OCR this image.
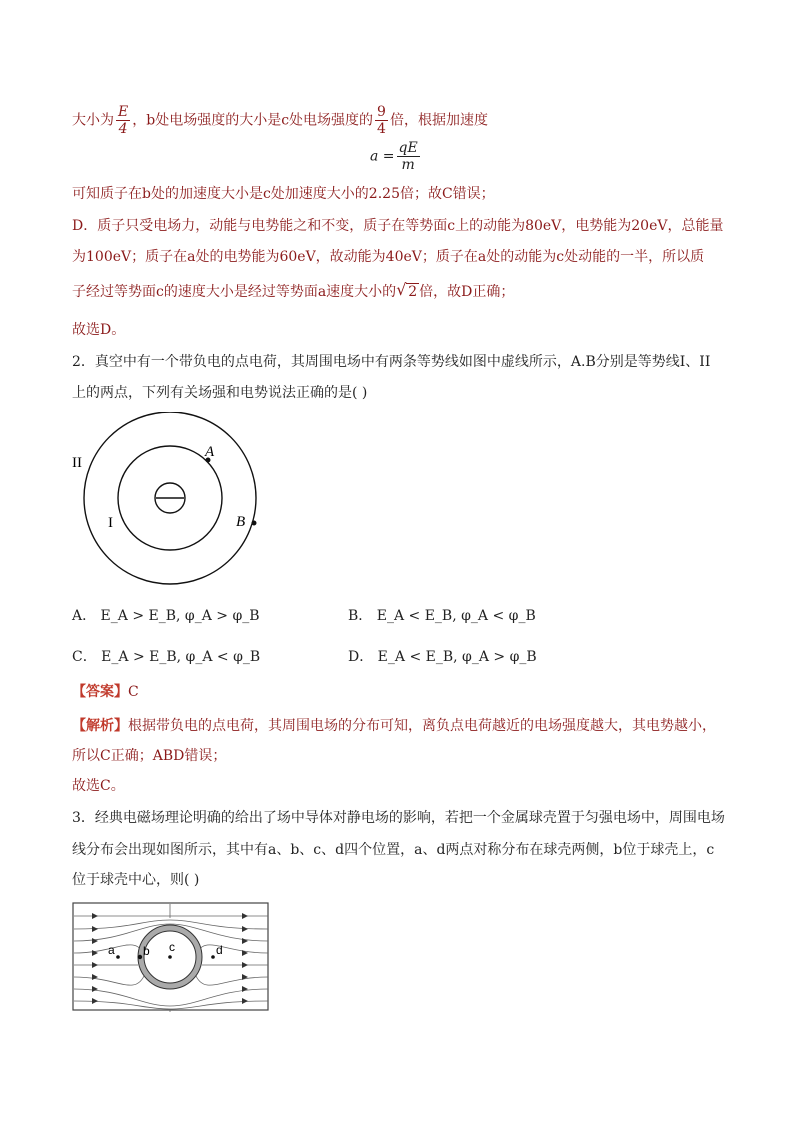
大小为 $\frac{E}{4}$ ，b处电场强度的大小是c处电场强度的 $\frac{9}{4}$ 倍，根据加速度
$a = \frac{qE}{m}$
可知质子在b处的加速度大小是c处加速度大小的2.25倍；故C错误；
D．质子只受电场力，动能与电势能之和不变，质子在等势面c上的动能为80eV，电势能为20eV，总能量
为100eV；质子在a处的电势能为60eV，故动能为40eV；质子在a处的动能为c处动能的一半，所以质
子经过等势面c的速度大小是经过等势面a速度大小的 √ 2 倍，故D正确；
故选D。
2．真空中有一个带负电的点电荷，其周围电场中有两条等势线如图中虚线所示，A.B分别是等势线I、II
上的两点，下列有关场强和电势说法正确的是( )
II
I
A
B
A． E_A > E_B, φ_A > φ_B	B． E_A < E_B, φ_A < φ_B
C． E_A > E_B, φ_A < φ_B	D． E_A < E_B, φ_A > φ_B
【答案】C
【解析】根据带负电的点电荷，其周围电场的分布可知，离负点电荷越近的电场强度越大，其电势越小，
所以C正确；ABD错误；
故选C。
3．经典电磁场理论明确的给出了场中导体对静电场的影响，若把一个金属球壳置于匀强电场中，周围电场
线分布会出现如图所示，其中有a、b、c、d四个位置，a、d两点对称分布在球壳两侧，b位于球壳上，c
位于球壳中心，则( )
a b c	d
